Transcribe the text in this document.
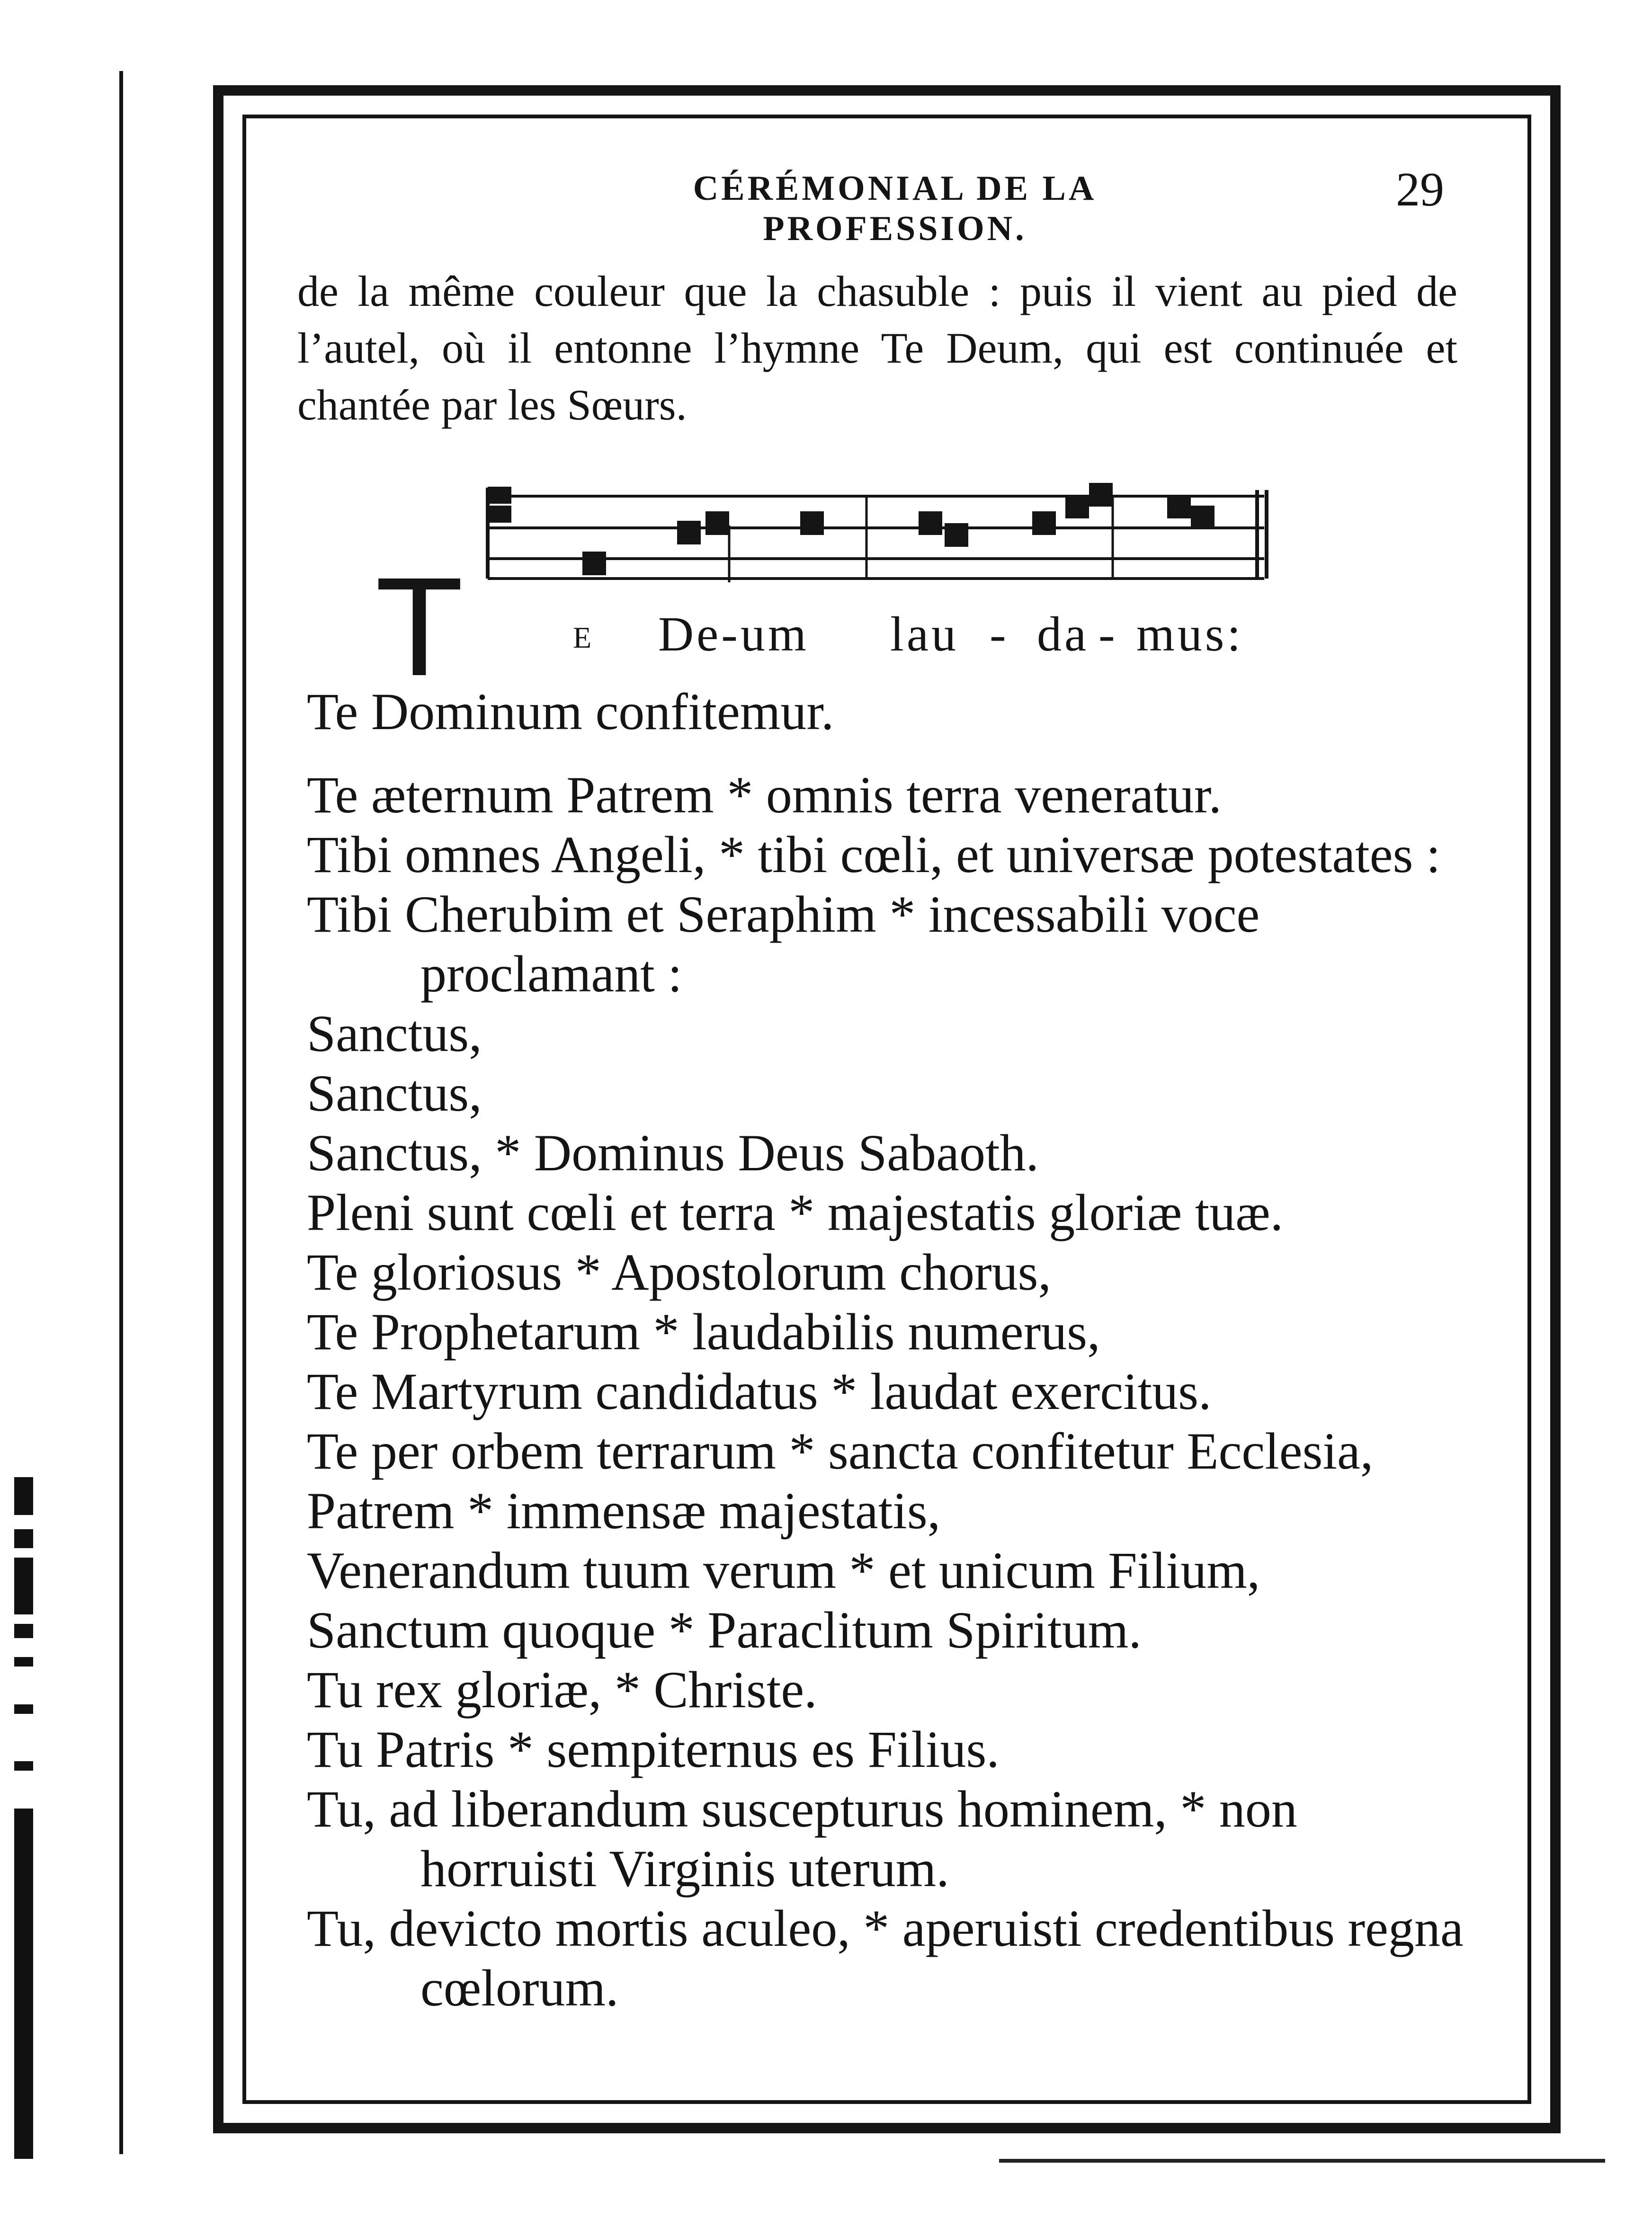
CÉRÉMONIAL DE LA PROFESSION.
29

de la même couleur que la chasuble : puis il vient au pied de l’autel, où il entonne l’hymne Te Deum, qui est continuée et chantée par les Sœurs.

T	E De-um lau - da - mus:

Te Dominum confitemur.

Te æternum Patrem * omnis terra veneratur.

Tibi omnes Angeli, * tibi cœli, et universæ potestates :

Tibi Cherubim et Seraphim * incessabili voce proclamant :

Sanctus,

Sanctus,

Sanctus, * Dominus Deus Sabaoth.

Pleni sunt cœli et terra * majestatis gloriæ tuæ.

Te gloriosus * Apostolorum chorus,

Te Prophetarum * laudabilis numerus,

Te Martyrum candidatus * laudat exercitus.

Te per orbem terrarum * sancta confitetur Ecclesia,

Patrem * immensæ majestatis,

Venerandum tuum verum * et unicum Filium,

Sanctum quoque * Paraclitum Spiritum.

Tu rex gloriæ, * Christe.

Tu Patris * sempiternus es Filius.

Tu, ad liberandum suscepturus hominem, * non horruisti Virginis uterum.

Tu, devicto mortis aculeo, * aperuisti credentibus regna cœlorum.
